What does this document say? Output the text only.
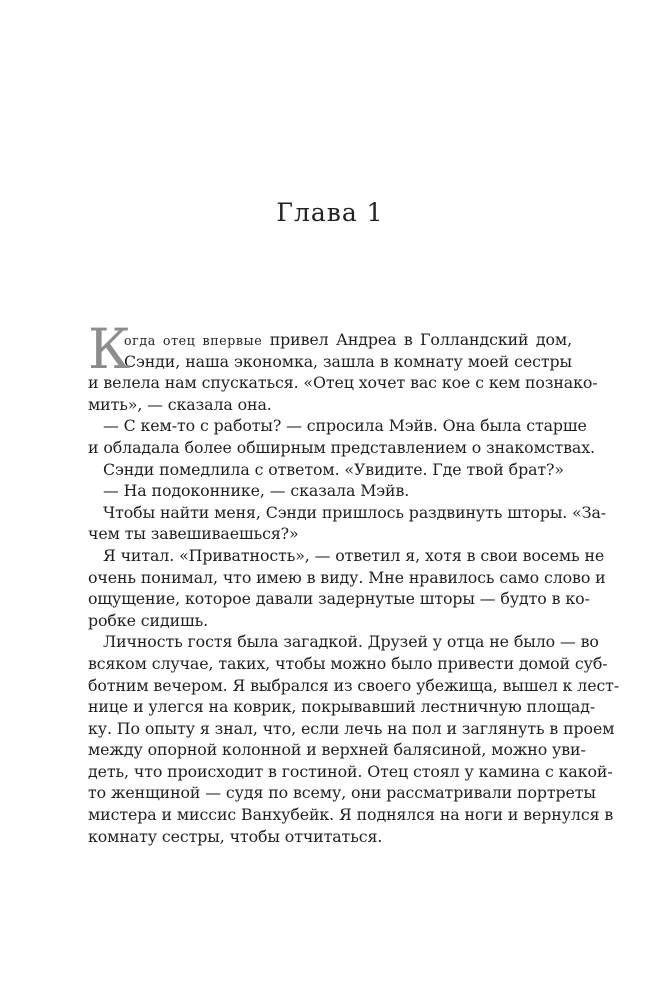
Глава 1
К
огда отец впервые привел Андреа в Голландский дом,
Сэнди, наша экономка, зашла в комнату моей сестры
и велела нам спускаться. «Отец хочет вас кое с кем познако-
мить», — сказала она.
— С кем-то с работы? — спросила Мэйв. Она была старше
и обладала более обширным представлением о знакомствах.
Сэнди помедлила с ответом. «Увидите. Где твой брат?»
— На подоконнике, — сказала Мэйв.
Чтобы найти меня, Сэнди пришлось раздвинуть шторы. «За-
чем ты завешиваешься?»
Я читал. «Приватность», — ответил я, хотя в свои восемь не
очень понимал, что имею в виду. Мне нравилось само слово и
ощущение, которое давали задернутые шторы — будто в ко-
робке сидишь.
Личность гостя была загадкой. Друзей у отца не было — во
всяком случае, таких, чтобы можно было привести домой суб-
ботним вечером. Я выбрался из своего убежища, вышел к лест-
нице и улегся на коврик, покрывавший лестничную площад-
ку. По опыту я знал, что, если лечь на пол и заглянуть в проем
между опорной колонной и верхней балясиной, можно уви-
деть, что происходит в гостиной. Отец стоял у камина с какой-
то женщиной — судя по всему, они рассматривали портреты
мистера и миссис Ванхубейк. Я поднялся на ноги и вернулся в
комнату сестры, чтобы отчитаться.
